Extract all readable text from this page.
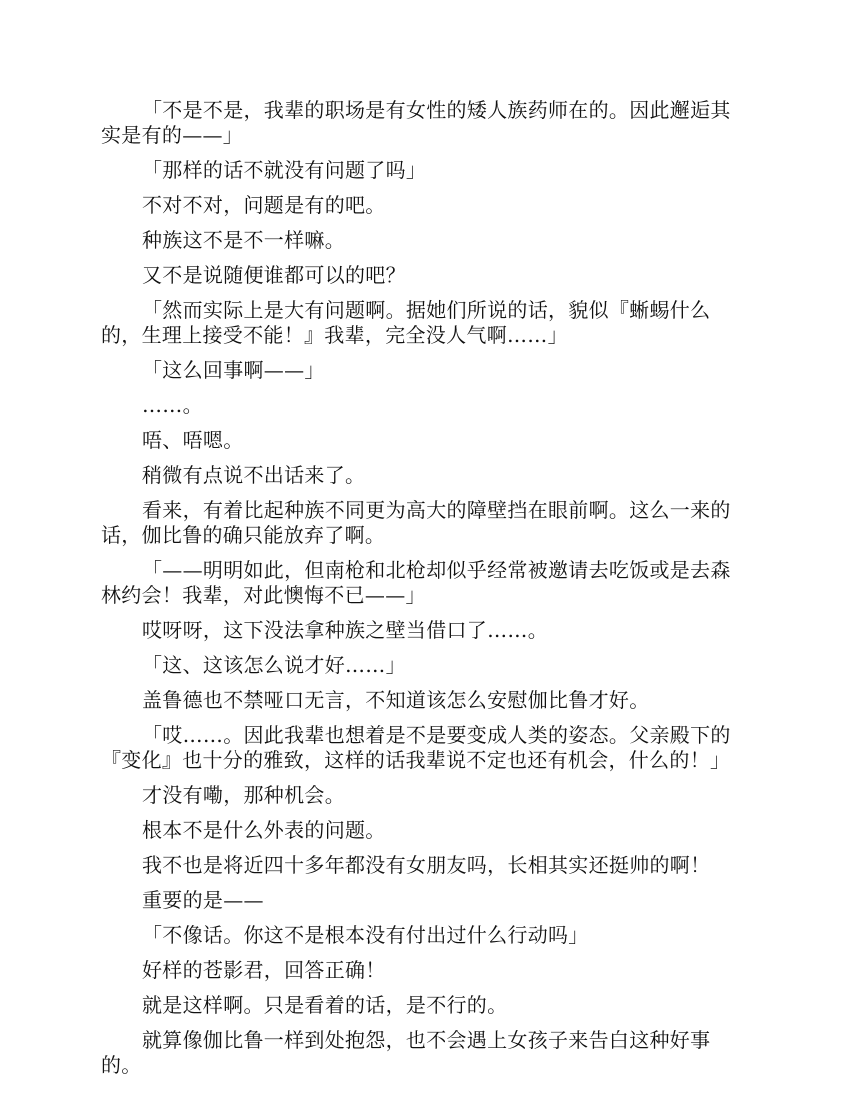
「不是不是，我辈的职场是有女性的矮人族药师在的。因此邂逅其实是有的——」

「那样的话不就没有问题了吗」

不对不对，问题是有的吧。

种族这不是不一样嘛。

又不是说随便谁都可以的吧？

「然而实际上是大有问题啊。据她们所说的话，貌似『蜥蜴什么的，生理上接受不能！』我辈，完全没人气啊……」

「这么回事啊——」

……。

唔、唔嗯。

稍微有点说不出话来了。

看来，有着比起种族不同更为高大的障壁挡在眼前啊。这么一来的话，伽比鲁的确只能放弃了啊。

「——明明如此，但南枪和北枪却似乎经常被邀请去吃饭或是去森林约会！我辈，对此懊悔不已——」

哎呀呀，这下没法拿种族之壁当借口了……。

「这、这该怎么说才好……」

盖鲁德也不禁哑口无言，不知道该怎么安慰伽比鲁才好。

「哎……。因此我辈也想着是不是要变成人类的姿态。父亲殿下的『变化』也十分的雅致，这样的话我辈说不定也还有机会，什么的！」

才没有嘞，那种机会。

根本不是什么外表的问题。

我不也是将近四十多年都没有女朋友吗，长相其实还挺帅的啊！

重要的是——

「不像话。你这不是根本没有付出过什么行动吗」

好样的苍影君，回答正确！

就是这样啊。只是看着的话，是不行的。

就算像伽比鲁一样到处抱怨，也不会遇上女孩子来告白这种好事的。
